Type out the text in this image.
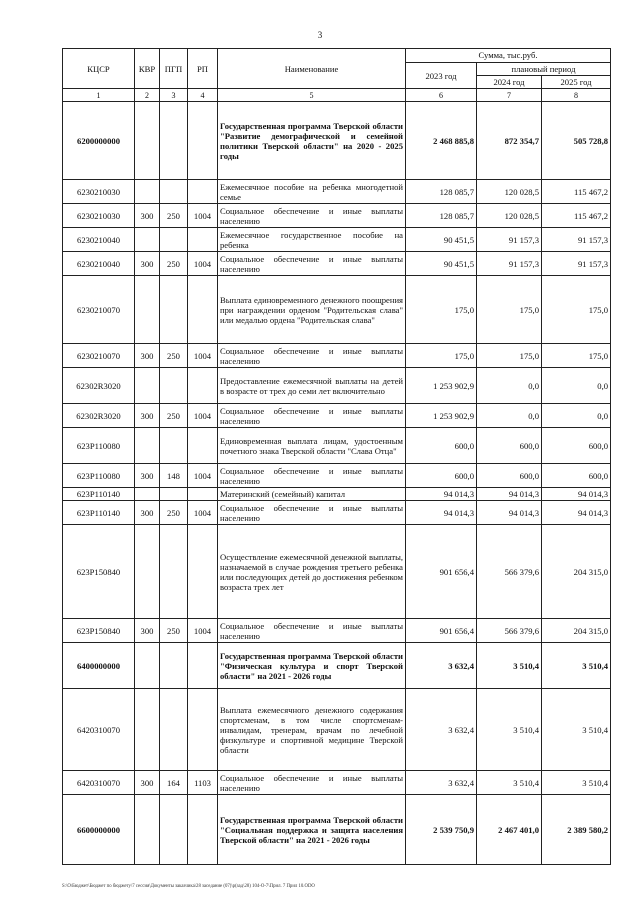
3
КЦСР	КВР	ПГП	РП	Наименование	Сумма, тыс.руб.		
					2023 год	плановый период	
						2024 год	2025 год
1	2	3	4	5	6	7	8
6200000000				Государственная программа Тверской области "Развитие демографической и семейной политики Тверской области" на 2020 - 2025 годы	2 468 885,8	872 354,7	505 728,8
6230210030				Ежемесячное пособие на ребенка многодетной семье	128 085,7	120 028,5	115 467,2
6230210030	300	250	1004	Социальное обеспечение и иные выплаты населению	128 085,7	120 028,5	115 467,2
6230210040				Ежемесячное государственное пособие на ребенка	90 451,5	91 157,3	91 157,3
6230210040	300	250	1004	Социальное обеспечение и иные выплаты населению	90 451,5	91 157,3	91 157,3
6230210070				Выплата единовременного денежного поощрения при награждении орденом "Родительская слава" или медалью ордена "Родительская слава"	175,0	175,0	175,0
6230210070	300	250	1004	Социальное обеспечение и иные выплаты населению	175,0	175,0	175,0
62302R3020				Предоставление ежемесячной выплаты на детей в возрасте от трех до семи лет включительно	1 253 902,9	0,0	0,0
62302R3020	300	250	1004	Социальное обеспечение и иные выплаты населению	1 253 902,9	0,0	0,0
623P110080				Единовременная выплата лицам, удостоенным почетного знака Тверской области "Слава Отца"	600,0	600,0	600,0
623P110080	300	148	1004	Социальное обеспечение и иные выплаты населению	600,0	600,0	600,0
623P110140				Материнский (семейный) капитал	94 014,3	94 014,3	94 014,3
623P110140	300	250	1004	Социальное обеспечение и иные выплаты населению	94 014,3	94 014,3	94 014,3
623P150840				Осуществление ежемесячной денежной выплаты, назначаемой в случае рождения третьего ребенка или последующих детей до достижения ребенком возраста трех лет	901 656,4	566 379,6	204 315,0
623P150840	300	250	1004	Социальное обеспечение и иные выплаты населению	901 656,4	566 379,6	204 315,0
6400000000				Государственная программа Тверской области "Физическая культура и спорт Тверской области" на 2021 - 2026 годы	3 632,4	3 510,4	3 510,4
6420310070				Выплата ежемесячного денежного содержания спортсменам, в том числе спортсменам-инвалидам, тренерам, врачам по лечебной физкультуре и спортивной медицине Тверской области	3 632,4	3 510,4	3 510,4
6420310070	300	164	1103	Социальное обеспечение и иные выплаты населению	3 632,4	3 510,4	3 510,4
6600000000				Государственная программа Тверской области "Социальная поддержка и защита населения Тверской области" на 2021 - 2026 годы	2 539 750,9	2 467 401,0	2 389 580,2
S:\O\Бюджет\Бюджет по бюджету\7 сессия\Документы заказчика\28 заседание (07)\р(зад\28) 104-О-7\Прил. 7 Прил 10.ODO
